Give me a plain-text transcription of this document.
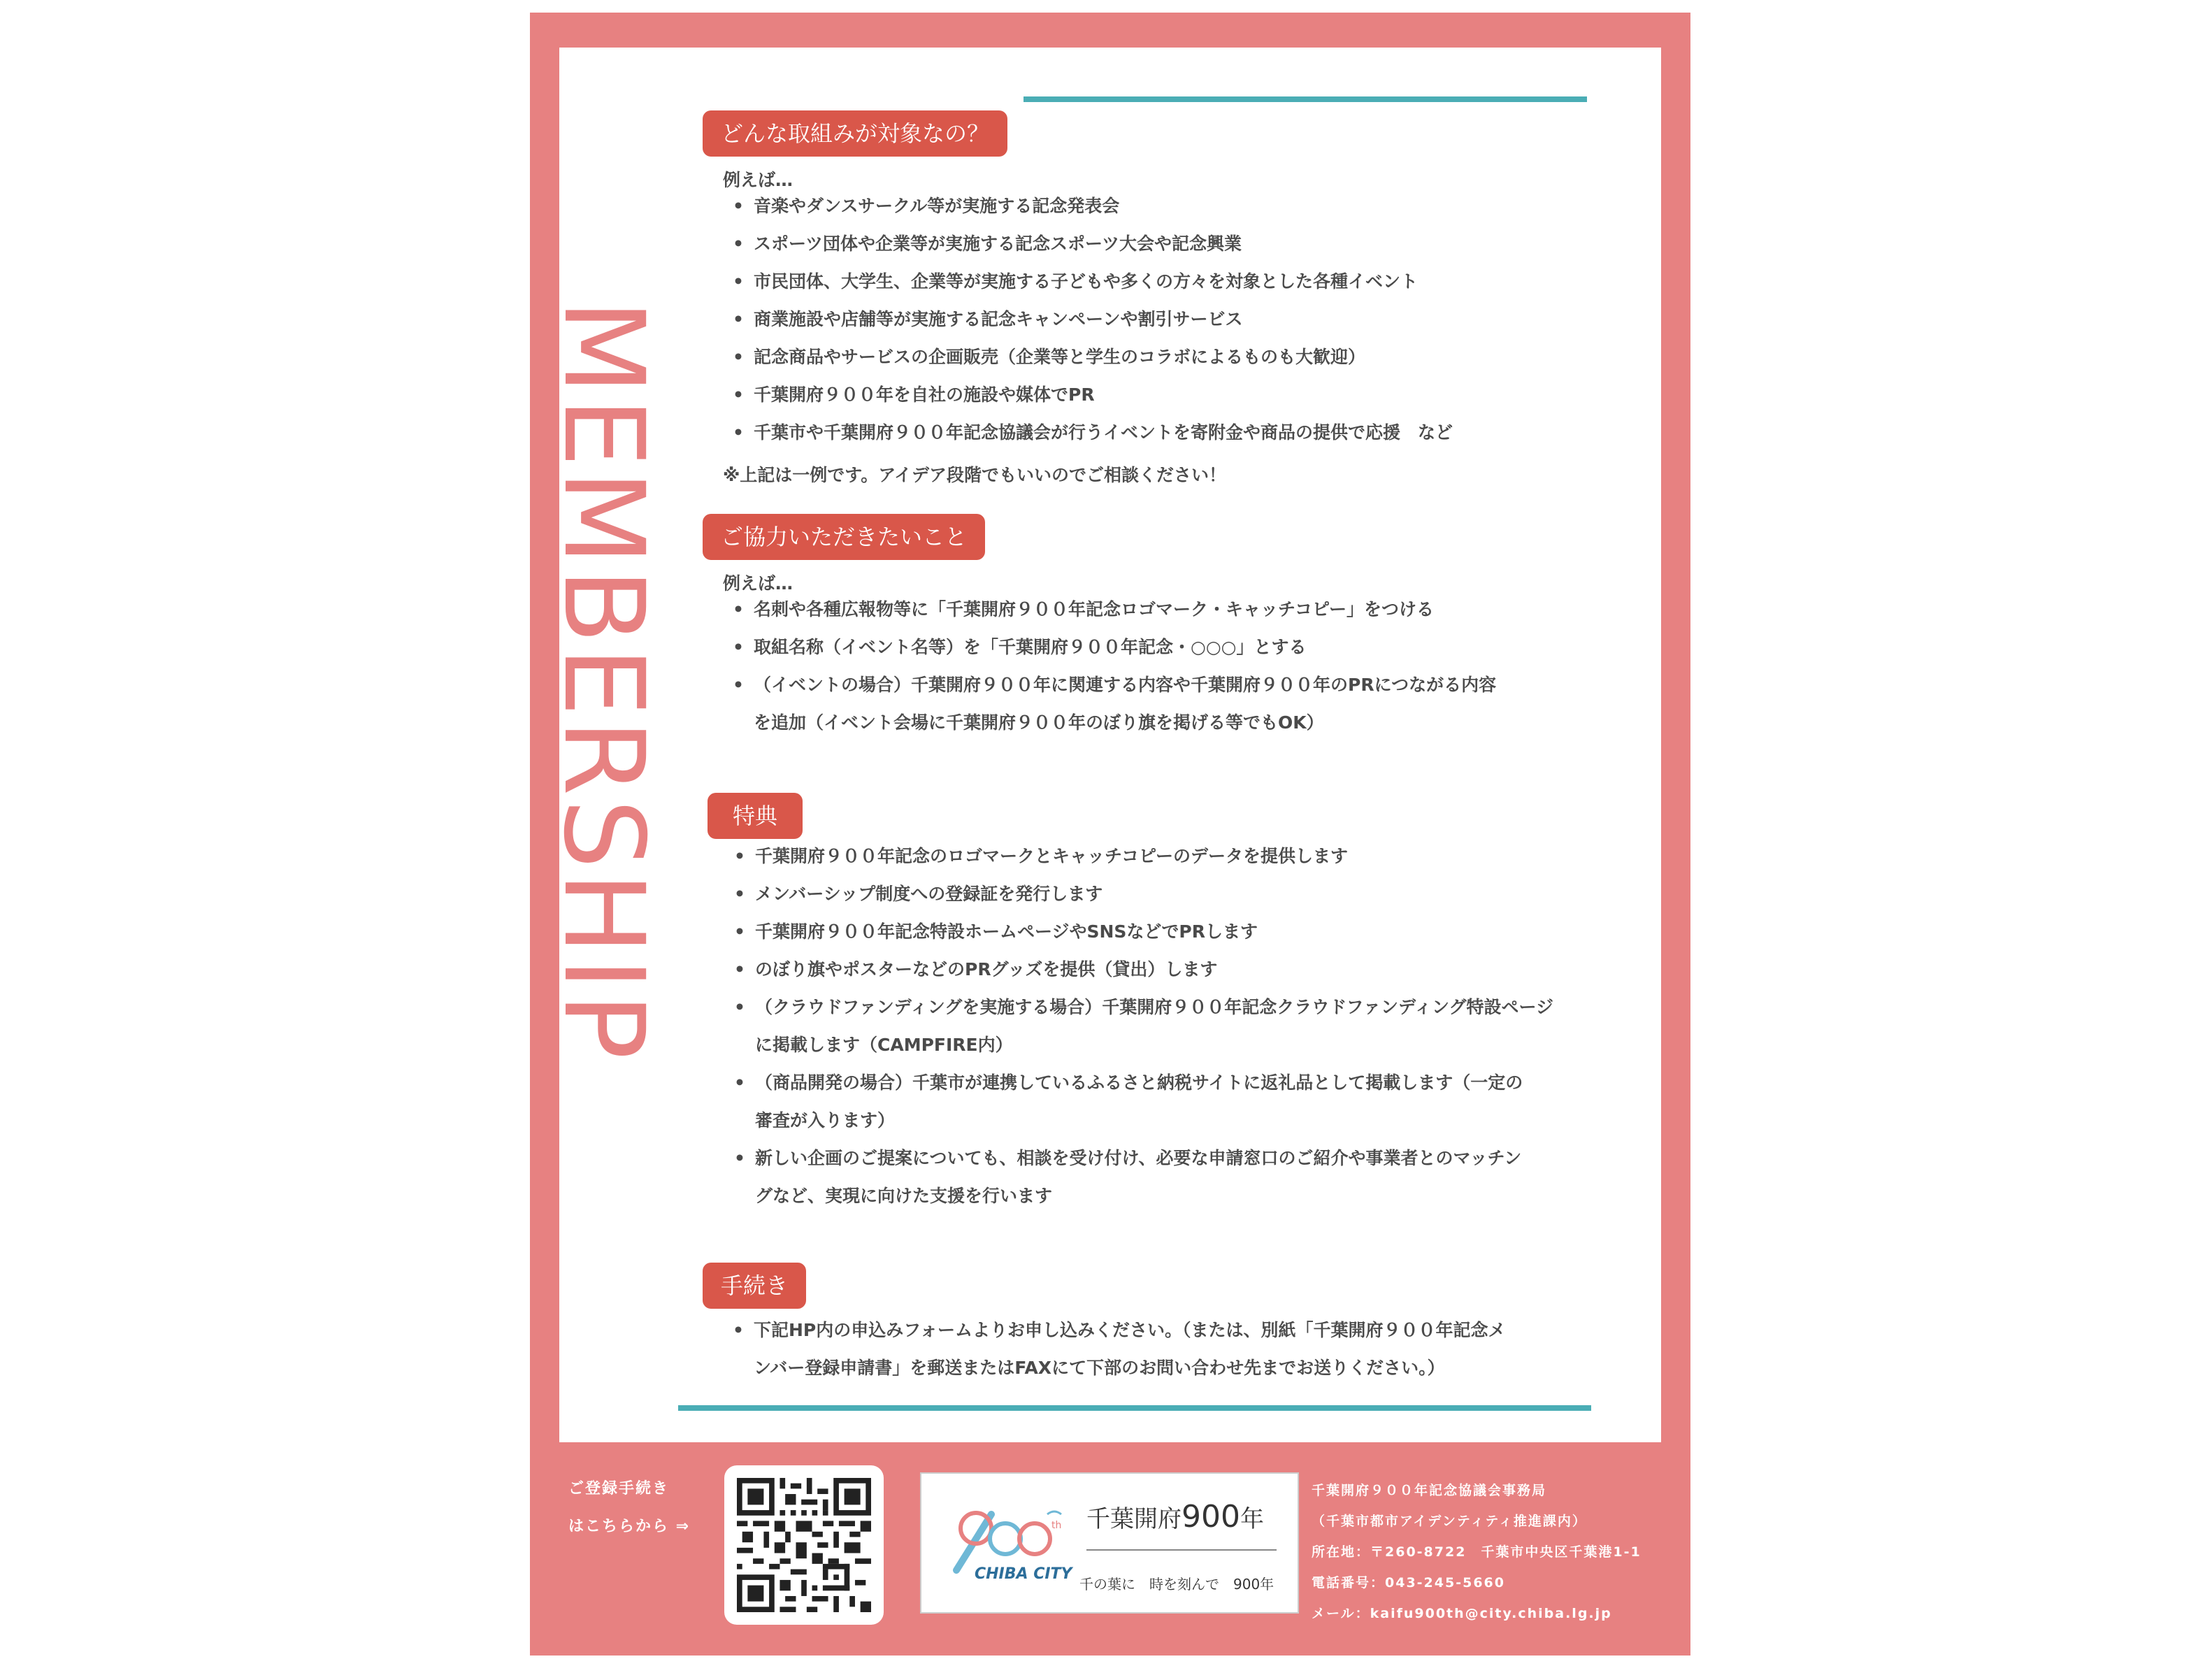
MEMBERSHIP
どんな取組みが対象なの？
例えば…
• 音楽やダンスサークル等が実施する記念発表会
• スポーツ団体や企業等が実施する記念スポーツ大会や記念興業
• 市民団体、大学生、企業等が実施する子どもや多くの方々を対象とした各種イベント
• 商業施設や店舗等が実施する記念キャンペーンや割引サービス
• 記念商品やサービスの企画販売（企業等と学生のコラボによるものも大歓迎）
• 千葉開府９００年を自社の施設や媒体でPR
• 千葉市や千葉開府９００年記念協議会が行うイベントを寄附金や商品の提供で応援　など
※上記は一例です。アイデア段階でもいいのでご相談ください！
ご協力いただきたいこと
例えば…
• 名刺や各種広報物等に「千葉開府９００年記念ロゴマーク・キャッチコピー」をつける
• 取組名称（イベント名等）を「千葉開府９００年記念・○○○」とする
• （イベントの場合）千葉開府９００年に関連する内容や千葉開府９００年のPRにつながる内容
を追加（イベント会場に千葉開府９００年のぼり旗を掲げる等でもOK）
特典
• 千葉開府９００年記念のロゴマークとキャッチコピーのデータを提供します
• メンバーシップ制度への登録証を発行します
• 千葉開府９００年記念特設ホームページやSNSなどでPRします
• のぼり旗やポスターなどのPRグッズを提供（貸出）します
• （クラウドファンディングを実施する場合）千葉開府９００年記念クラウドファンディング特設ページ
に掲載します（CAMPFIRE内）
• （商品開発の場合）千葉市が連携しているふるさと納税サイトに返礼品として掲載します（一定の
審査が入ります）
• 新しい企画のご提案についても、相談を受け付け、必要な申請窓口のご紹介や事業者とのマッチン
グなど、実現に向けた支援を行います
手続き
• 下記HP内の申込みフォームよりお申し込みください。（または、別紙「千葉開府９００年記念メ
ンバー登録申請書」を郵送またはFAXにて下部のお問い合わせ先までお送りください。）
ご登録手続き
はこちらから ⇒	th
CHIBA CITY
千葉開府900年
千の葉に　時を刻んで　900年
千葉開府９００年記念協議会事務局
（千葉市都市アイデンティティ推進課内）
所在地：〒260-8722　千葉市中央区千葉港1-1
電話番号：043-245-5660
メール：kaifu900th@city.chiba.lg.jp
